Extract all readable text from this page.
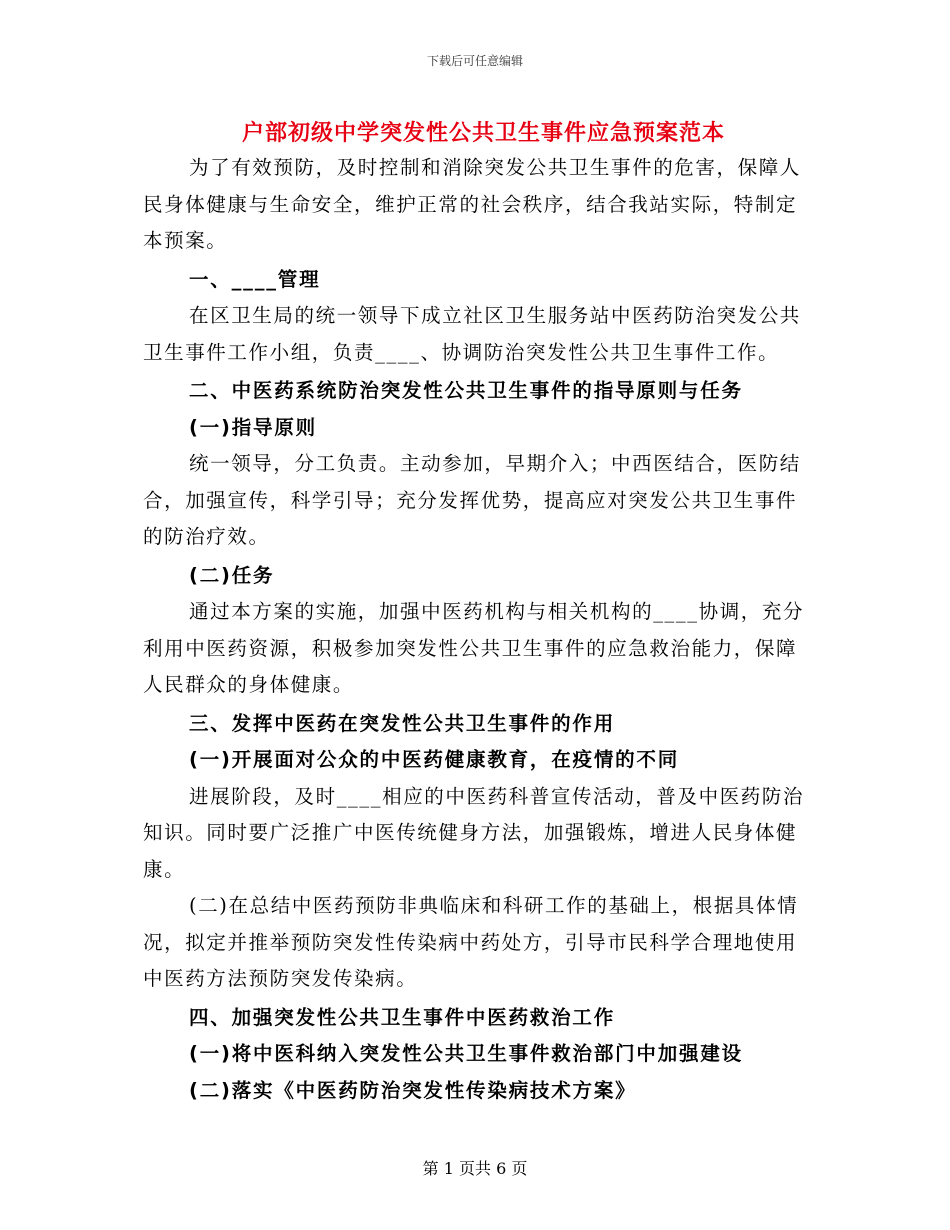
下载后可任意编辑
户部初级中学突发性公共卫生事件应急预案范本

为了有效预防，及时控制和消除突发公共卫生事件的危害，保障人民身体健康与生命安全，维护正常的社会秩序，结合我站实际，特制定本预案。

一、____管理

在区卫生局的统一领导下成立社区卫生服务站中医药防治突发公共卫生事件工作小组，负责____、协调防治突发性公共卫生事件工作。

二、中医药系统防治突发性公共卫生事件的指导原则与任务

(一)指导原则

统一领导，分工负责。主动参加，早期介入；中西医结合，医防结合，加强宣传，科学引导；充分发挥优势，提高应对突发公共卫生事件的防治疗效。

(二)任务

通过本方案的实施，加强中医药机构与相关机构的____协调，充分利用中医药资源，积极参加突发性公共卫生事件的应急救治能力，保障人民群众的身体健康。

三、发挥中医药在突发性公共卫生事件的作用

(一)开展面对公众的中医药健康教育，在疫情的不同

进展阶段，及时____相应的中医药科普宣传活动，普及中医药防治知识。同时要广泛推广中医传统健身方法，加强锻炼，增进人民身体健康。

(二)在总结中医药预防非典临床和科研工作的基础上，根据具体情况，拟定并推举预防突发性传染病中药处方，引导市民科学合理地使用中医药方法预防突发传染病。

四、加强突发性公共卫生事件中医药救治工作

(一)将中医科纳入突发性公共卫生事件救治部门中加强建设

(二)落实《中医药防治突发性传染病技术方案》

第 1 页共 6 页
